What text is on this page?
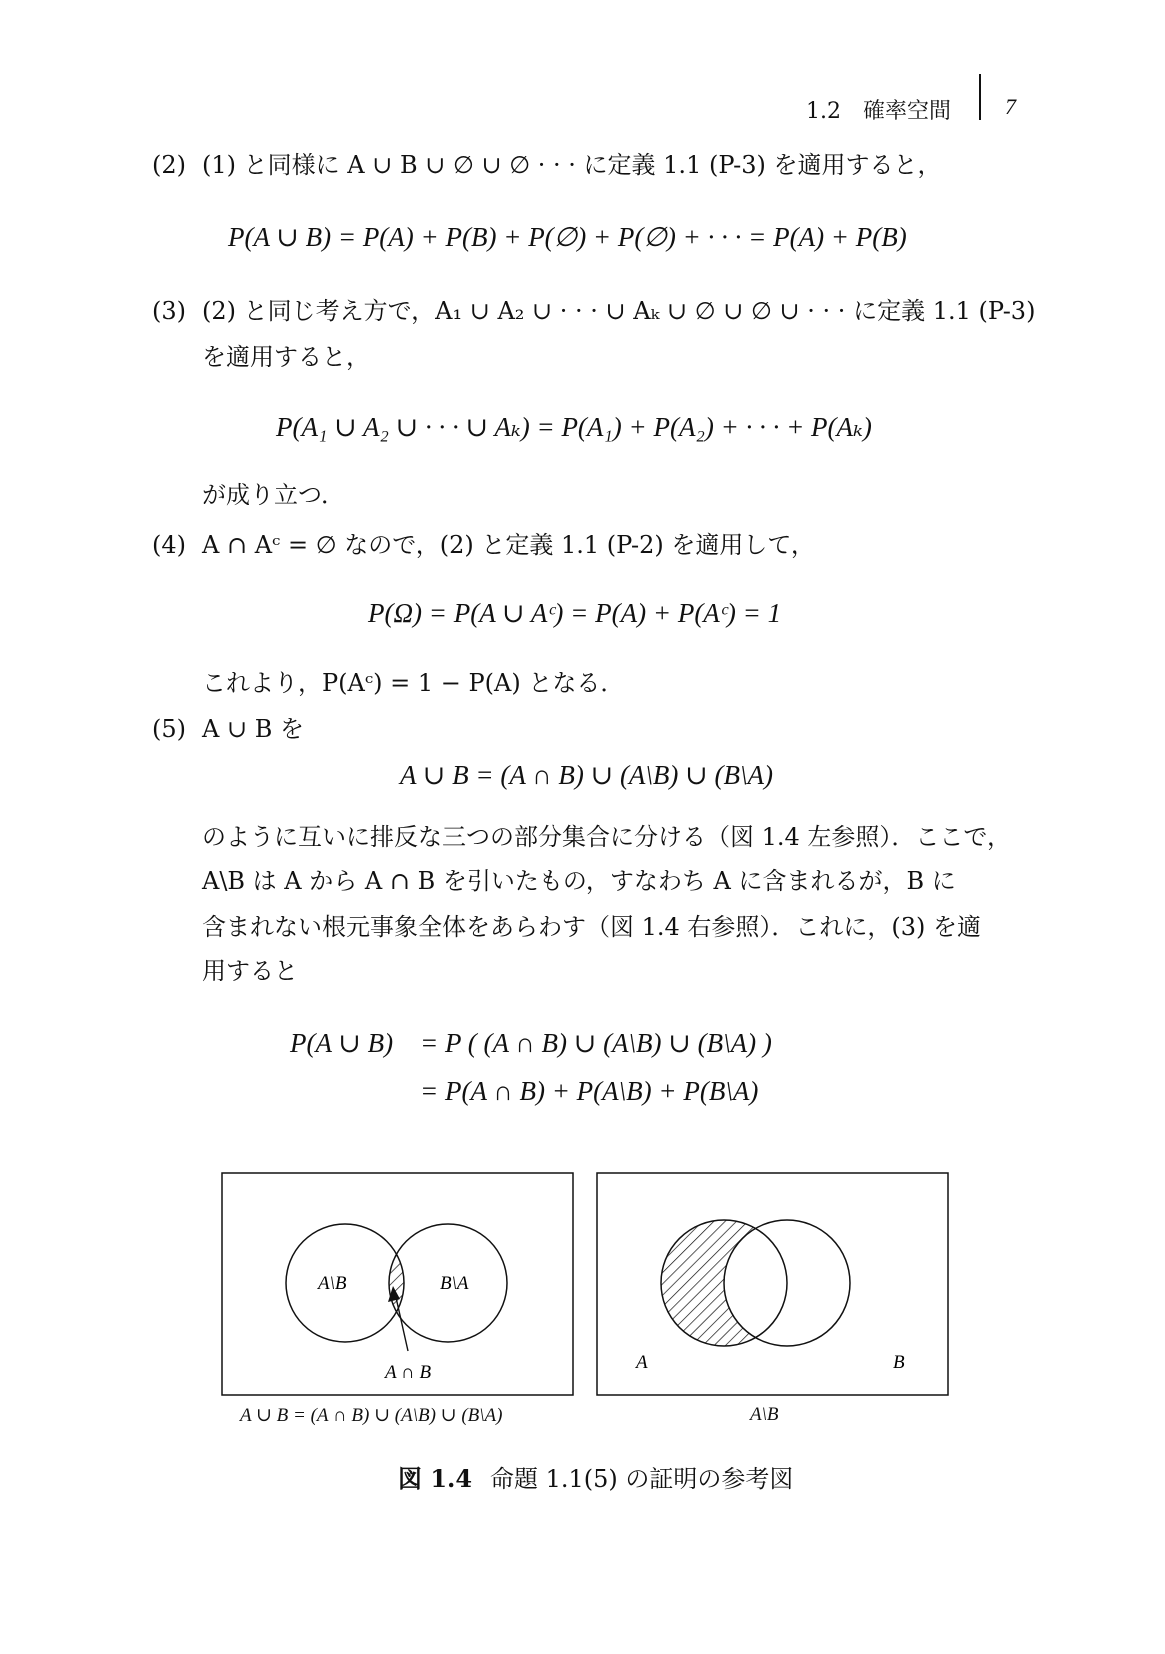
1.2　確率空間 7
(2) (1) と同様に A ∪ B ∪ ∅ ∪ ∅ · · · に定義 1.1 (P-3) を適用すると，
P(A ∪ B) = P(A) + P(B) + P(∅) + P(∅) + · · · = P(A) + P(B)
(3) (2) と同じ考え方で，A₁ ∪ A₂ ∪ · · · ∪ Aₖ ∪ ∅ ∪ ∅ ∪ · · · に定義 1.1 (P-3)
を適用すると，
P(A₁ ∪ A₂ ∪ · · · ∪ Aₖ) = P(A₁) + P(A₂) + · · · + P(Aₖ)
が成り立つ．
(4) A ∩ Aᶜ = ∅ なので，(2) と定義 1.1 (P-2) を適用して，
P(Ω) = P(A ∪ Aᶜ) = P(A) + P(Aᶜ) = 1
これより，P(Aᶜ) = 1 − P(A) となる．
(5) A ∪ B を
A ∪ B = (A ∩ B) ∪ (A\B) ∪ (B\A)
のように互いに排反な三つの部分集合に分ける（図 1.4 左参照）．ここで，
A\B は A から A ∩ B を引いたもの，すなわち A に含まれるが，B に
含まれない根元事象全体をあらわす（図 1.4 右参照）．これに，(3) を適
用すると
P(A ∪ B) = P ( (A ∩ B) ∪ (A\B) ∪ (B\A) )
= P(A ∩ B) + P(A\B) + P(B\A)
A\B	B\A
A ∩ B	A	B
A ∪ B = (A ∩ B) ∪ (A\B) ∪ (B\A)	A\B
図 1.4 命題 1.1(5) の証明の参考図
